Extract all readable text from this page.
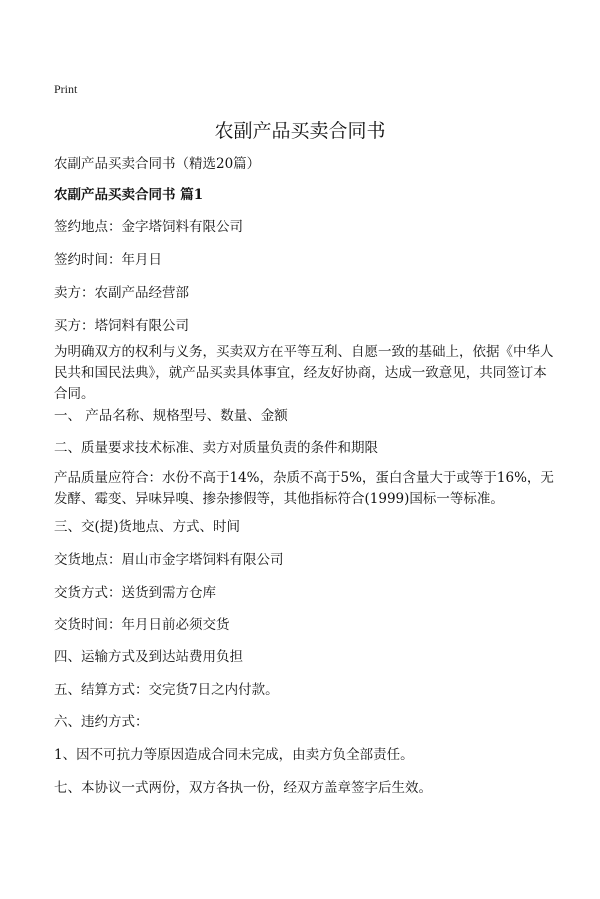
Print
农副产品买卖合同书
农副产品买卖合同书（精选20篇）
农副产品买卖合同书 篇1
签约地点：金字塔饲料有限公司
签约时间：年月日
卖方：农副产品经营部
买方：塔饲料有限公司

为明确双方的权利与义务，买卖双方在平等互利、自愿一致的基础上，依据《中华人民共和国民法典》，就产品买卖具体事宜，经友好协商，达成一致意见，共同签订本合同。

一、 产品名称、规格型号、数量、金额
二、质量要求技术标准、卖方对质量负责的条件和期限

产品质量应符合：水份不高于14%，杂质不高于5%，蛋白含量大于或等于16%，无发酵、霉变、异味异嗅、掺杂掺假等，其他指标符合(1999)国标一等标准。

三、交(提)货地点、方式、时间
交货地点：眉山市金字塔饲料有限公司
交货方式：送货到需方仓库
交货时间：年月日前必须交货
四、运输方式及到达站费用负担
五、结算方式：交完货7日之内付款。
六、违约方式：
1、因不可抗力等原因造成合同未完成，由卖方负全部责任。
七、本协议一式两份，双方各执一份，经双方盖章签字后生效。
